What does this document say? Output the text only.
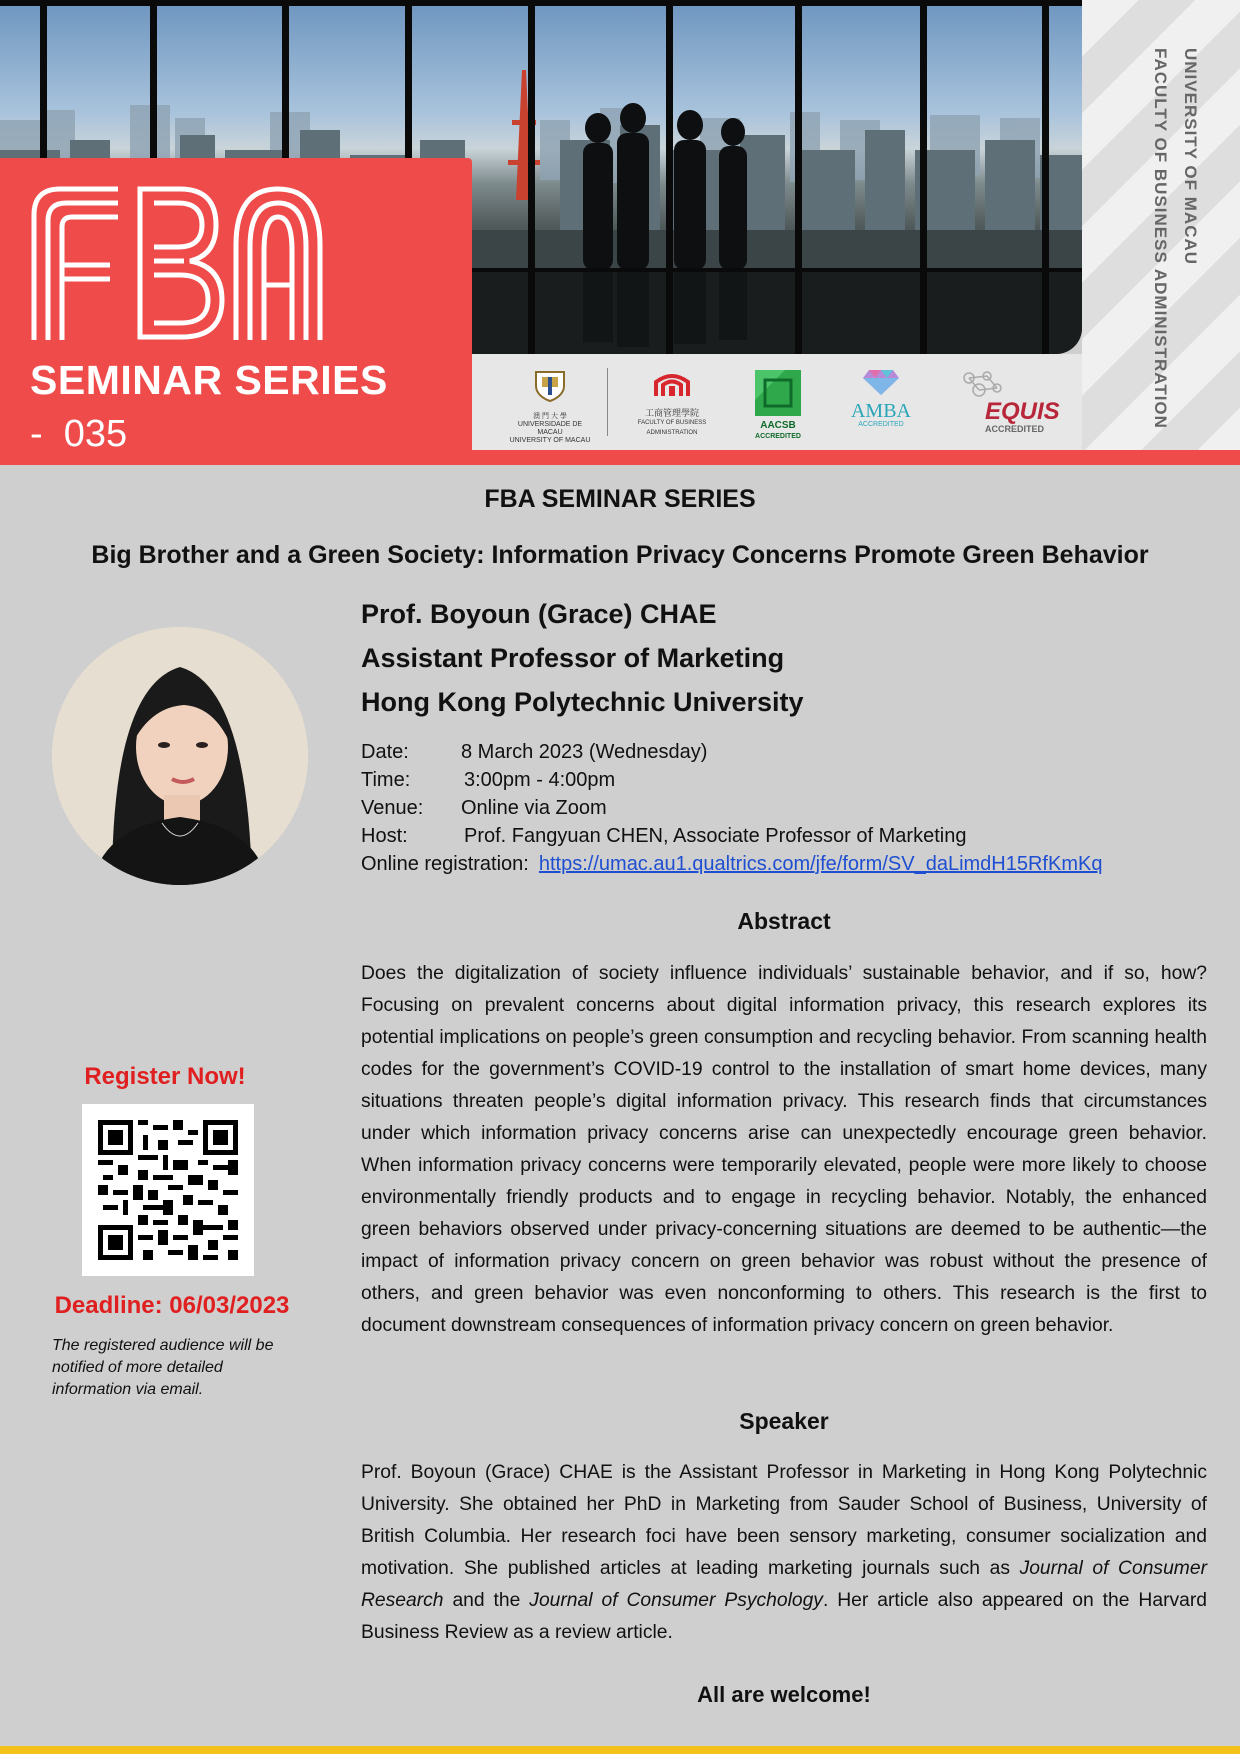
UNIVERSITY OF MACAU
FACULTY OF BUSINESS ADMINISTRATION
澳 門 大 學
UNIVERSIDADE DE MACAU
UNIVERSITY OF MACAU
工商管理學院
FACULTY OF BUSINESS ADMINISTRATION
AACSB
ACCREDITED
AMBA
ACCREDITED	EQUIS
ACCREDITED
SEMINAR SERIES
-  035
FBA SEMINAR SERIES
Big Brother and a Green Society: Information Privacy Concerns Promote Green Behavior
Prof. Boyoun (Grace) CHAE
Assistant Professor of Marketing
Hong Kong Polytechnic University
Date:	8 March 2023 (Wednesday)
Time:	3:00pm - 4:00pm
Venue: Online via Zoom
Host:	Prof. Fangyuan CHEN, Associate Professor of Marketing
Online registration: https://umac.au1.qualtrics.com/jfe/form/SV_daLimdH15RfKmKq
Abstract
Does the digitalization of society influence individuals’ sustainable behavior, and if so, how? Focusing on prevalent concerns about digital information privacy, this research explores its potential implications on people’s green consumption and recycling behavior. From scanning health codes for the government’s COVID-19 control to the installation of smart home devices, many situations threaten people’s digital information privacy. This research finds that circumstances under which information privacy concerns arise can unexpectedly encourage green behavior. When information privacy concerns were temporarily elevated, people were more likely to choose environmentally friendly products and to engage in recycling behavior. Notably, the enhanced green behaviors observed under privacy-concerning situations are deemed to be authentic—the impact of information privacy concern on green behavior was robust without the presence of others, and green behavior was even nonconforming to others. This research is the first to document downstream consequences of information privacy concern on green behavior.
Speaker
Prof. Boyoun (Grace) CHAE is the Assistant Professor in Marketing in Hong Kong Polytechnic University. She obtained her PhD in Marketing from Sauder School of Business, University of British Columbia. Her research foci have been sensory marketing, consumer socialization and motivation. She published articles at leading marketing journals such as Journal of Consumer Research and the Journal of Consumer Psychology. Her article also appeared on the Harvard Business Review as a review article.
All are welcome!
Register Now!
Deadline: 06/03/2023
The registered audience will be notified of more detailed information via email.
